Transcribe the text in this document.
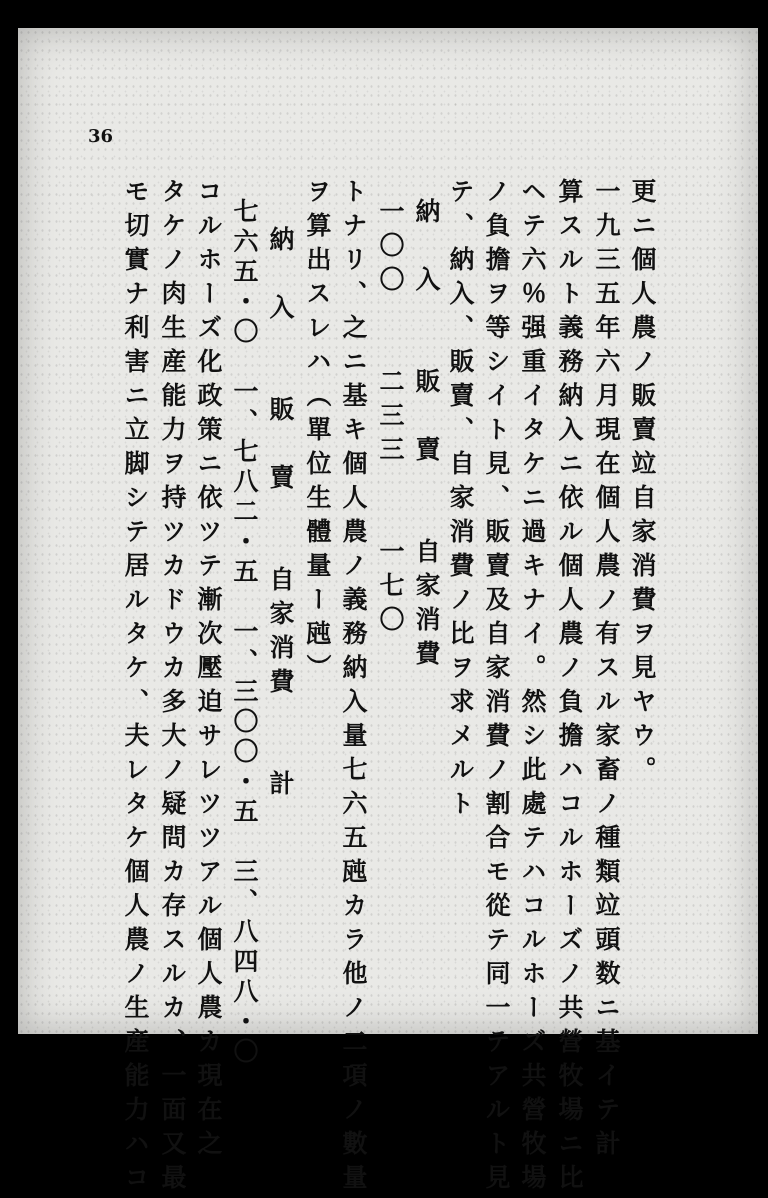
36
更ニ個人農ノ販賣竝自家消費ヲ見ヤウ。
一九三五年六月現在個人農ノ有スル家畜ノ種類竝頭数ニ基イテ計
算スルト義務納入ニ依ル個人農ノ負擔ハコルホーズノ共營牧場ニ比
ヘテ六％强重イタケニ過キナイ。然シ此處テハコルホーズ共營牧場
ノ負擔ヲ等シイト見、販賣及自家消費ノ割合モ從テ同一テアルト見
テ、納入、販賣、自家消費ノ比ヲ求メルト
納　入　　販　賣　　自家消費
一〇〇　　二三三　　一七〇
トナリ、之ニ基キ個人農ノ義務納入量七六五瓲カラ他ノ二項ノ數量
ヲ算出スレハ（單位生體量ー瓲）
納　入　　販　賣　　自家消費　　計
七六五・〇　一、七八二・五　一、三〇〇・五　三、八四八・〇
コルホーズ化政策ニ依ツテ漸次壓迫サレツツアル個人農カ現在之
タケノ肉生産能力ヲ持ツカドウカ多大ノ疑問カ存スルカ、一面又最
モ切實ナ利害ニ立脚シテ居ルタケ、夫レタケ個人農ノ生産能力ハコ
